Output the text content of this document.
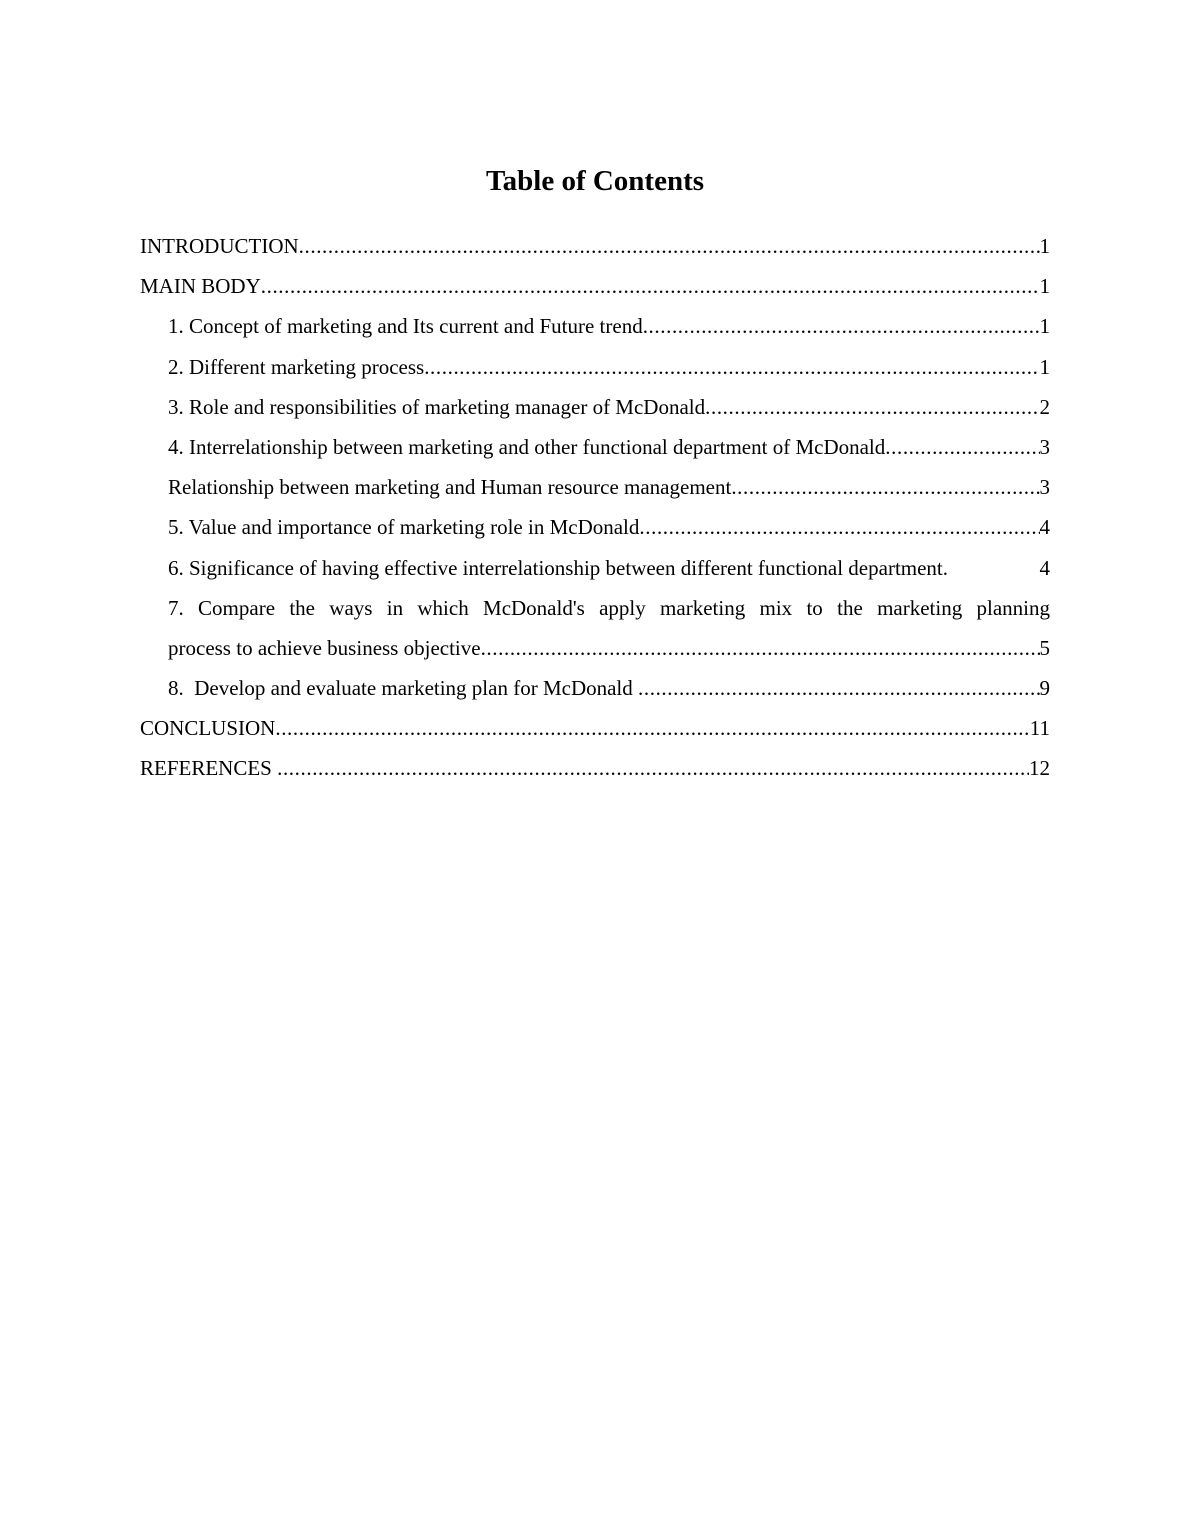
Table of Contents
INTRODUCTION .....	1
MAIN BODY .....	1
1. Concept of marketing and Its current and Future trend .....	1
2. Different marketing process .....	1
3. Role and responsibilities of marketing manager of McDonald .....	2
4. Interrelationship between marketing and other functional department of McDonald .....	3
Relationship between marketing and Human resource management .....	3
5. Value and importance of marketing role in McDonald .....	4
6. Significance of having effective interrelationship between different functional department.	4
7. Compare the ways in which McDonald's apply marketing mix to the marketing planning
process to achieve business objective .....	5
8.  Develop and evaluate marketing plan for McDonald .....	9
CONCLUSION .....	11
REFERENCES .....	12
